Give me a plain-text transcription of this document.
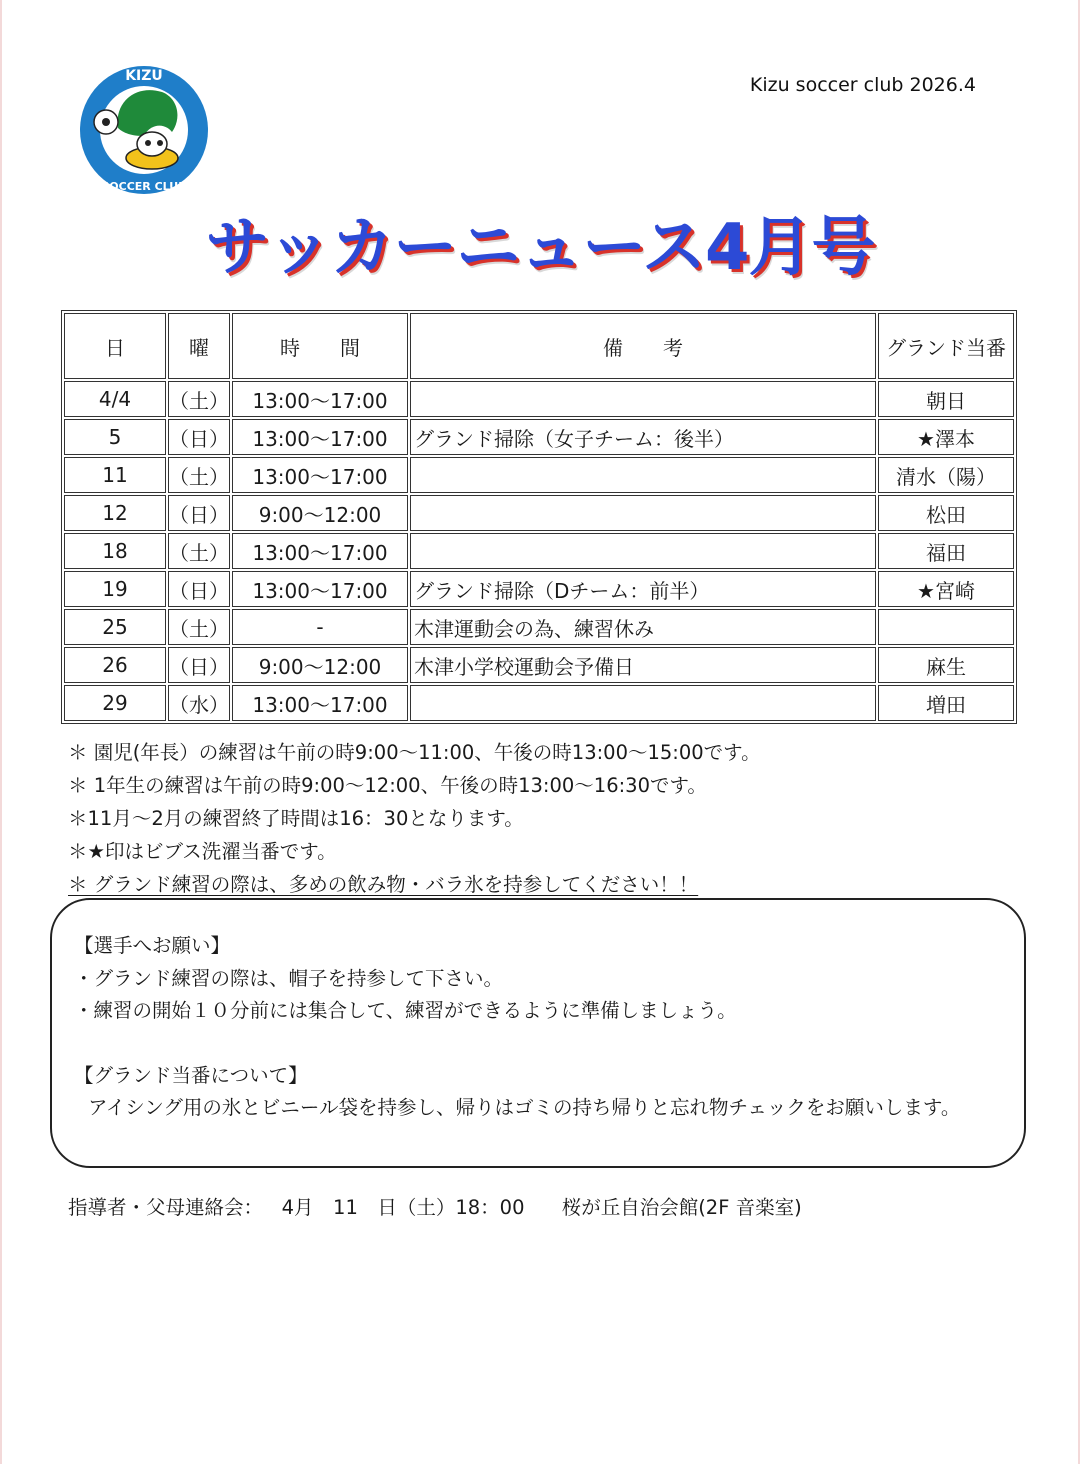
KIZU
SOCCER CLUB
Kizu soccer club 2026.4
サッカーニュース4月号
日	曜	時　　間	備　　考	グランド当番
4/4	（土）	13:00～17:00		朝日
5	（日）	13:00～17:00	グランド掃除（女子チーム：後半）	★澤本
11	（土）	13:00～17:00		清水（陽）
12	（日）	9:00～12:00		松田
18	（土）	13:00～17:00		福田
19	（日）	13:00～17:00	グランド掃除（Dチーム：前半）	★宮崎
25	（土）	-	木津運動会の為、練習休み	
26	（日）	9:00～12:00	木津小学校運動会予備日	麻生
29	（水）	13:00～17:00		増田
＊ 園児(年長）の練習は午前の時9:00～11:00、午後の時13:00～15:00です。
＊ 1年生の練習は午前の時9:00～12:00、午後の時13:00～16:30です。
＊11月～2月の練習終了時間は16：30となります。
＊★印はビブス洗濯当番です。
＊ グランド練習の際は、多めの飲み物・バラ氷を持参してください！！
【選手へお願い】
・グランド練習の際は、帽子を持参して下さい。
・練習の開始１０分前には集合して、練習ができるように準備しましょう。
【グランド当番について】
アイシング用の氷とビニール袋を持参し、帰りはゴミの持ち帰りと忘れ物チェックをお願いします。
指導者・父母連絡会： 4月　11　日（土）18：00 桜が丘自治会館(2F 音楽室)
